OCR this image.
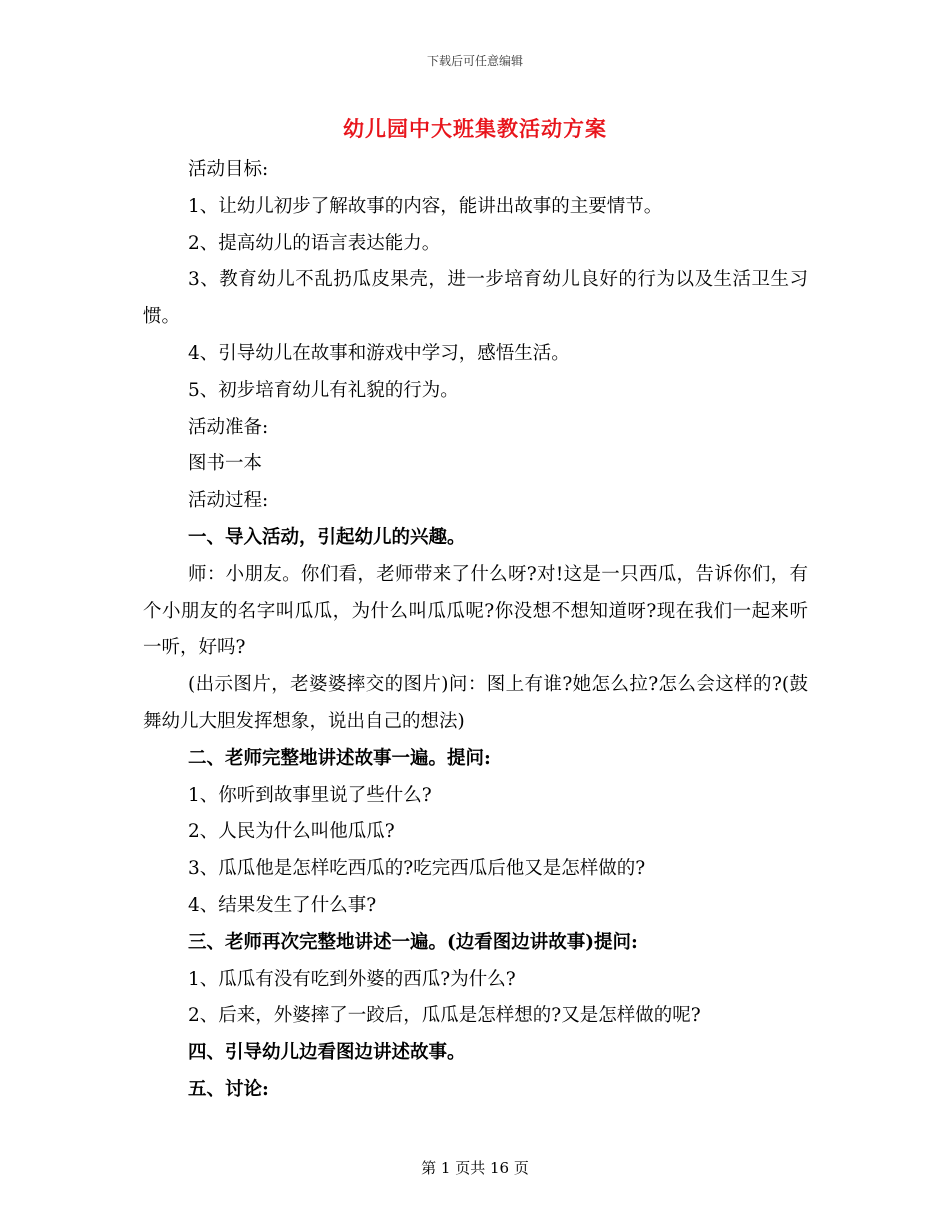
下载后可任意编辑
幼儿园中大班集教活动方案

活动目标:

1、让幼儿初步了解故事的内容，能讲出故事的主要情节。

2、提高幼儿的语言表达能力。

3、教育幼儿不乱扔瓜皮果壳，进一步培育幼儿良好的行为以及生活卫生习惯。

4、引导幼儿在故事和游戏中学习，感悟生活。

5、初步培育幼儿有礼貌的行为。

活动准备:

图书一本

活动过程:

一、导入活动，引起幼儿的兴趣。

师：小朋友。你们看，老师带来了什么呀?对!这是一只西瓜，告诉你们，有个小朋友的名字叫瓜瓜，为什么叫瓜瓜呢?你没想不想知道呀?现在我们一起来听一听，好吗?

(出示图片，老婆婆摔交的图片)问：图上有谁?她怎么拉?怎么会这样的?(鼓舞幼儿大胆发挥想象，说出自己的想法)

二、老师完整地讲述故事一遍。提问:

1、你听到故事里说了些什么?

2、人民为什么叫他瓜瓜?

3、瓜瓜他是怎样吃西瓜的?吃完西瓜后他又是怎样做的?

4、结果发生了什么事?

三、老师再次完整地讲述一遍。(边看图边讲故事)提问:

1、瓜瓜有没有吃到外婆的西瓜?为什么?

2、后来，外婆摔了一跤后，瓜瓜是怎样想的?又是怎样做的呢?

四、引导幼儿边看图边讲述故事。

五、讨论:

第 1 页共 16 页
